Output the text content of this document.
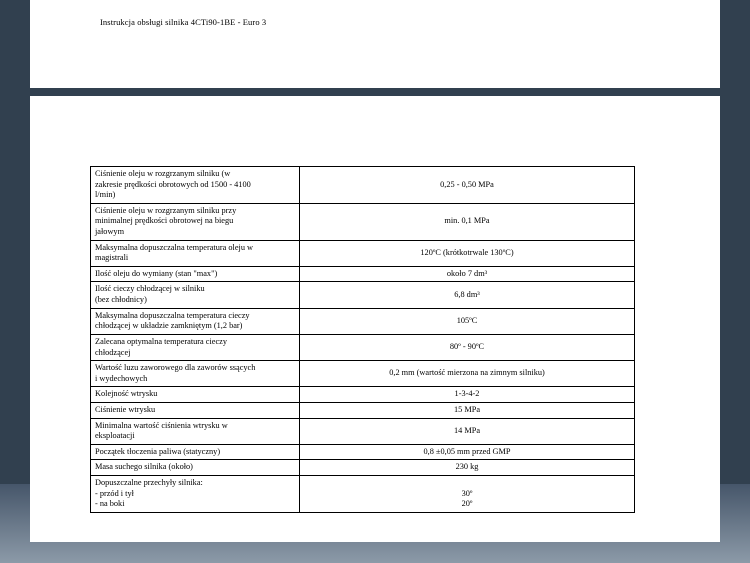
Instrukcja obsługi silnika 4CTi90-1BE - Euro 3
Ciśnienie oleju w rozgrzanym silniku (w
zakresie prędkości obrotowych od 1500 - 4100
l/min)	0,25 - 0,50 MPa

Ciśnienie oleju w rozgrzanym silniku przy
minimalnej prędkości obrotowej na biegu
jałowym	min. 0,1 MPa

Maksymalna dopuszczalna temperatura oleju w
magistrali	120ºC (krótkotrwale 130ºC)

Ilość oleju do wymiany (stan "max")	około 7 dm³

Ilość cieczy chłodzącej w silniku
(bez chłodnicy)	6,8 dm³

Maksymalna dopuszczalna temperatura cieczy
chłodzącej w układzie zamkniętym (1,2 bar)	105ºC

Zalecana optymalna temperatura cieczy
chłodzącej	80º - 90ºC

Wartość luzu zaworowego dla zaworów ssących
i wydechowych	0,2 mm (wartość mierzona na zimnym silniku)

Kolejność wtrysku	1-3-4-2

Ciśnienie wtrysku	15 MPa

Minimalna wartość ciśnienia wtrysku w
eksploatacji	14 MPa

Początek tłoczenia paliwa (statyczny)	0,8 ±0,05 mm przed GMP

Masa suchego silnika (około)	230 kg

Dopuszczalne przechyły silnika:
- przód i tył
- na boki	30º
20º
